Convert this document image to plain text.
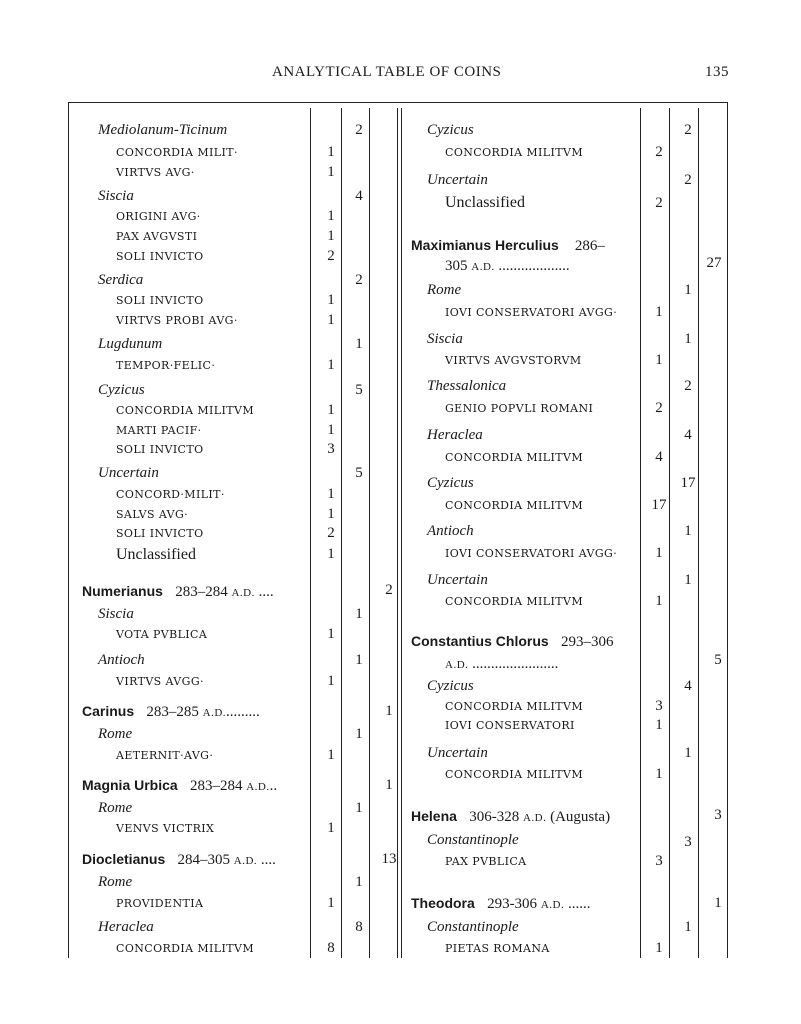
ANALYTICAL TABLE OF COINS	135
Mediolanum-Ticinum
CONCORDIA MILIT·
VIRTVS AVG·
Siscia
ORIGINI AVG·
PAX AVGVSTI
SOLI INVICTO
Serdica
SOLI INVICTO
VIRTVS PROBI AVG·
Lugdunum
TEMPOR·FELIC·
Cyzicus
CONCORDIA MILITVM
MARTI PACIF·
SOLI INVICTO
Uncertain
CONCORD·MILIT·
SALVS AVG·
SOLI INVICTO
Unclassified
Numerianus 283–284 A.D. ....
Siscia
VOTA PVBLICA
Antioch
VIRTVS AVGG·
Carinus 283–285 A.D..........
Rome
AETERNIT·AVG·
Magnia Urbica 283–284 A.D...
Rome
VENVS VICTRIX
Diocletianus 284–305 A.D. ....
Rome
PROVIDENTIA
Heraclea
CONCORDIA MILITVM
2
1
1
4
1
1
2
2
1
1
1
1
5
1
1
3
5
1
1
2
1
2
1
1
1
1
1
1
1
1
1
1
13
1
1
8
8
Cyzicus
CONCORDIA MILITVM
Uncertain
Unclassified
Maximianus Herculius 286–
305 A.D. ...................
Rome
IOVI CONSERVATORI AVGG·
Siscia
VIRTVS AVGVSTORVM
Thessalonica
GENIO POPVLI ROMANI
Heraclea
CONCORDIA MILITVM
Cyzicus
CONCORDIA MILITVM
Antioch
IOVI CONSERVATORI AVGG·
Uncertain
CONCORDIA MILITVM
Constantius Chlorus 293–306
A.D. .......................
Cyzicus
CONCORDIA MILITVM
IOVI CONSERVATORI
Uncertain
CONCORDIA MILITVM
Helena 306-328 A.D. (Augusta)
Constantinople
PAX PVBLICA
Theodora 293-306 A.D. ......
Constantinople
PIETAS ROMANA
2
2
2
2
27
1
1
1
1
2
2
4
4
17
17
1
1
1
1
5
4
3
1
1
1
3
3
3
1
1
1
